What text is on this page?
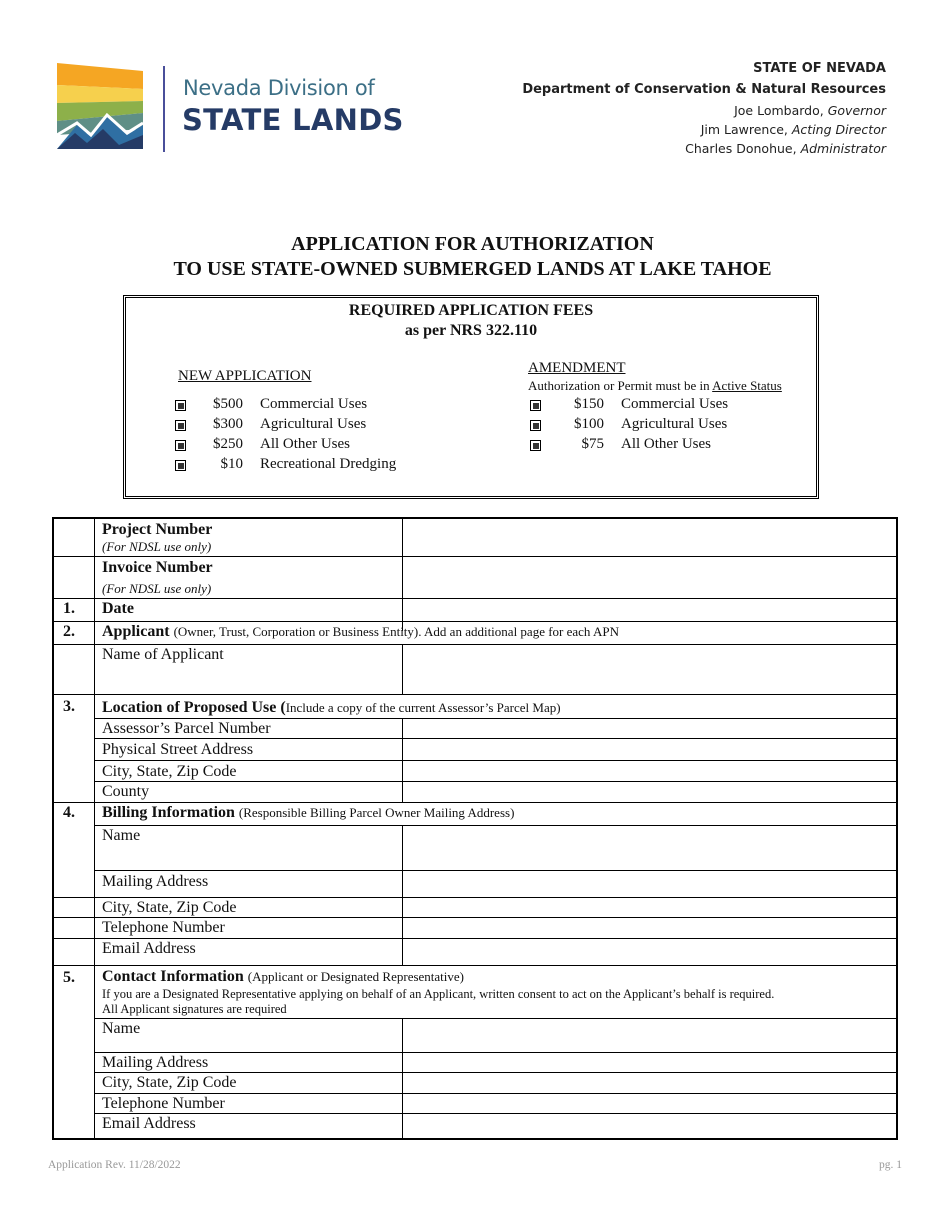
Nevada Division of
STATE LANDS
STATE OF NEVADA
Department of Conservation & Natural Resources
Joe Lombardo, Governor
Jim Lawrence, Acting Director
Charles Donohue, Administrator
APPLICATION FOR AUTHORIZATION
TO USE STATE-OWNED SUBMERGED LANDS AT LAKE TAHOE
REQUIRED APPLICATION FEES
as per NRS 322.110
NEW APPLICATION
$500 Commercial Uses
$300 Agricultural Uses
$250 All Other Uses
$10 Recreational Dredging
AMENDMENT
Authorization or Permit must be in Active Status
$150 Commercial Uses
$100 Agricultural Uses
$75 All Other Uses
Project Number
(For NDSL use only)
Invoice Number
(For NDSL use only)
1. Date
2. Applicant (Owner, Trust, Corporation or Business Entity). Add an additional page for each APN
Name of Applicant
3. Location of Proposed Use (Include a copy of the current Assessor’s Parcel Map)
Assessor’s Parcel Number
Physical Street Address
City, State, Zip Code
County
4. Billing Information (Responsible Billing Parcel Owner Mailing Address)
Name
Mailing Address
City, State, Zip Code
Telephone Number
Email Address
5. Contact Information (Applicant or Designated Representative)
If you are a Designated Representative applying on behalf of an Applicant, written consent to act on the Applicant’s behalf is required.
All Applicant signatures are required
Name
Mailing Address
City, State, Zip Code
Telephone Number
Email Address
Application Rev. 11/28/2022	pg. 1
